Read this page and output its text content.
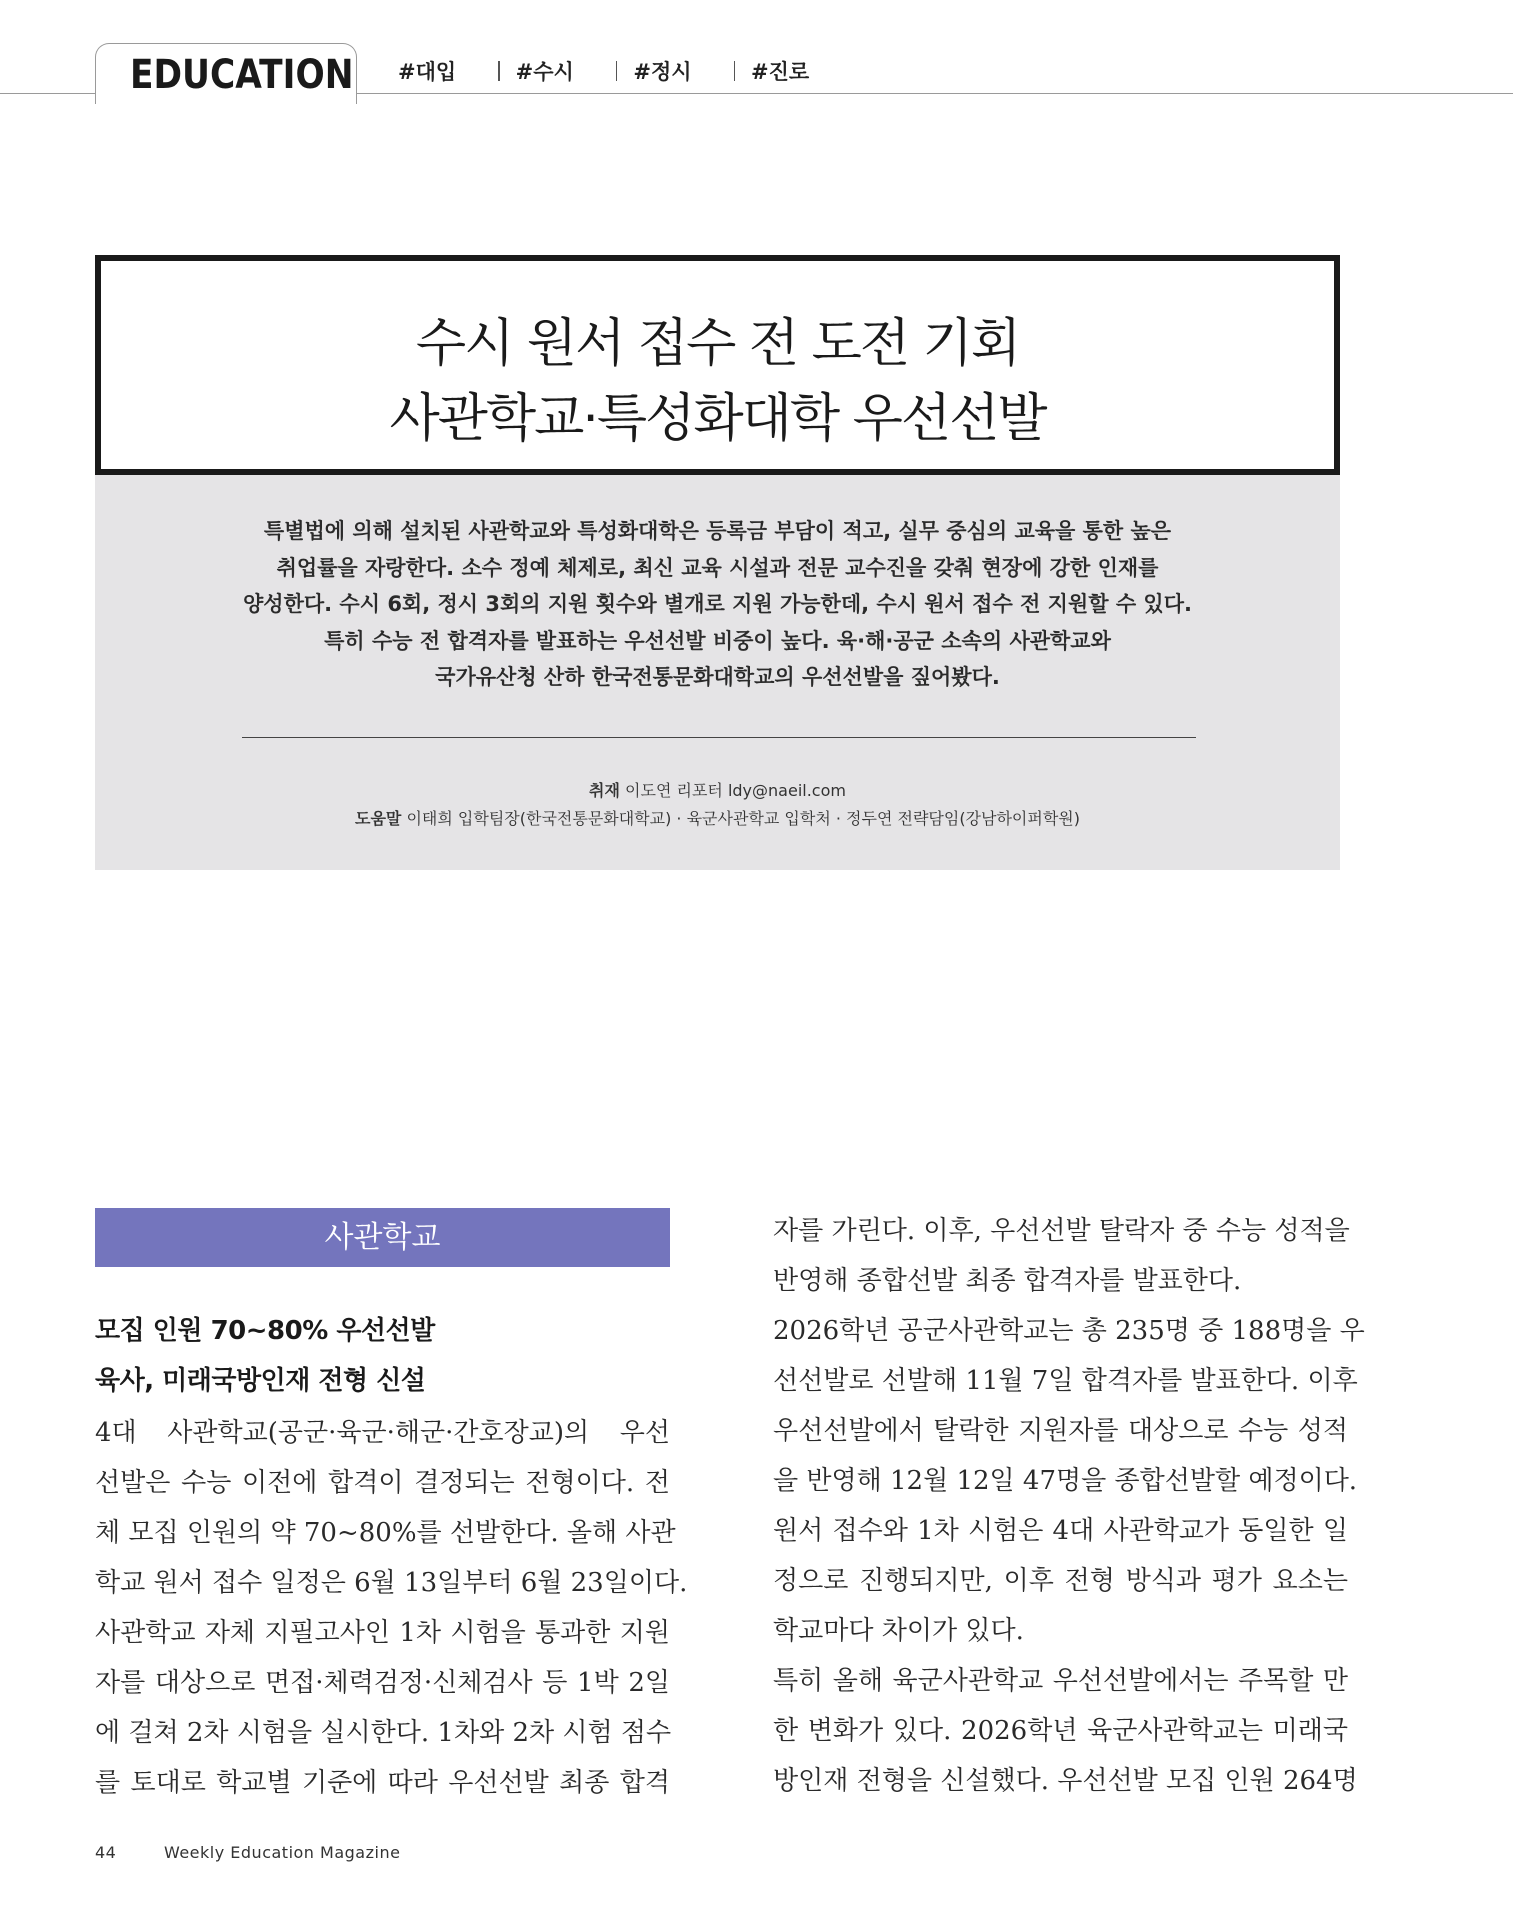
EDUCATION #대입	#수시	#정시	#진로
수시 원서 접수 전 도전 기회
사관학교·특성화대학 우선선발
특별법에 의해 설치된 사관학교와 특성화대학은 등록금 부담이 적고, 실무 중심의 교육을 통한 높은
취업률을 자랑한다. 소수 정예 체제로, 최신 교육 시설과 전문 교수진을 갖춰 현장에 강한 인재를
양성한다. 수시 6회, 정시 3회의 지원 횟수와 별개로 지원 가능한데, 수시 원서 접수 전 지원할 수 있다.
특히 수능 전 합격자를 발표하는 우선선발 비중이 높다. 육·해·공군 소속의 사관학교와
국가유산청 산하 한국전통문화대학교의 우선선발을 짚어봤다.
취재 이도연 리포터 ldy@naeil.com
도움말 이태희 입학팀장(한국전통문화대학교) · 육군사관학교 입학처 · 정두연 전략담임(강남하이퍼학원)
사관학교
모집 인원 70~80% 우선선발
육사, 미래국방인재 전형 신설
4대 사관학교(공군·육군·해군·간호장교)의 우선
선발은 수능 이전에 합격이 결정되는 전형이다. 전
체 모집 인원의 약 70~80%를 선발한다. 올해 사관
학교 원서 접수 일정은 6월 13일부터 6월 23일이다.
사관학교 자체 지필고사인 1차 시험을 통과한 지원
자를 대상으로 면접·체력검정·신체검사 등 1박 2일
에 걸쳐 2차 시험을 실시한다. 1차와 2차 시험 점수
를 토대로 학교별 기준에 따라 우선선발 최종 합격
자를 가린다. 이후, 우선선발 탈락자 중 수능 성적을
반영해 종합선발 최종 합격자를 발표한다.
2026학년 공군사관학교는 총 235명 중 188명을 우
선선발로 선발해 11월 7일 합격자를 발표한다. 이후
우선선발에서 탈락한 지원자를 대상으로 수능 성적
을 반영해 12월 12일 47명을 종합선발할 예정이다.
원서 접수와 1차 시험은 4대 사관학교가 동일한 일
정으로 진행되지만, 이후 전형 방식과 평가 요소는
학교마다 차이가 있다.
특히 올해 육군사관학교 우선선발에서는 주목할 만
한 변화가 있다. 2026학년 육군사관학교는 미래국
방인재 전형을 신설했다. 우선선발 모집 인원 264명
44	Weekly Education Magazine
